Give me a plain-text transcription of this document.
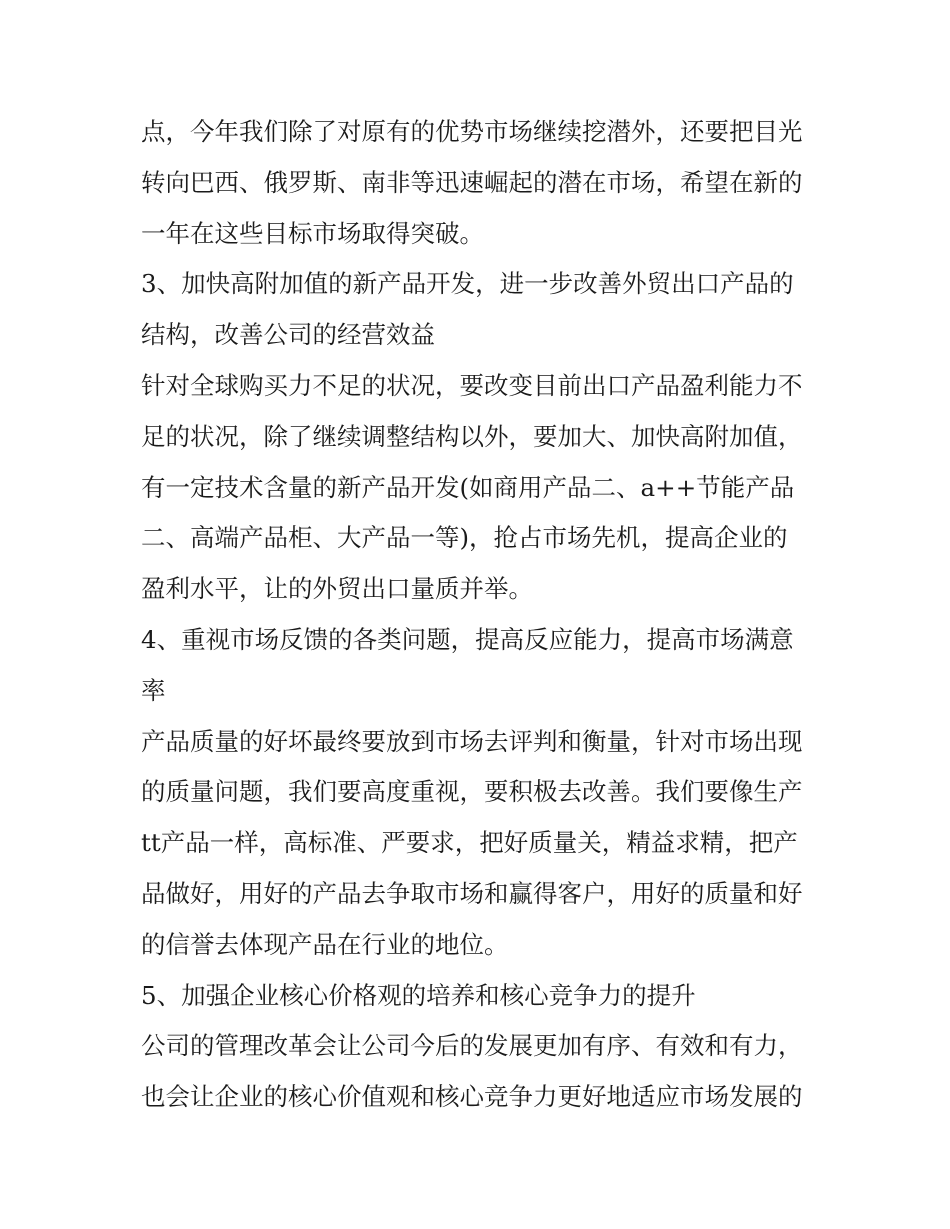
点，今年我们除了对原有的优势市场继续挖潜外，还要把目光
转向巴西、俄罗斯、南非等迅速崛起的潜在市场，希望在新的
一年在这些目标市场取得突破。
3、加快高附加值的新产品开发，进一步改善外贸出口产品的
结构，改善公司的经营效益
针对全球购买力不足的状况，要改变目前出口产品盈利能力不
足的状况，除了继续调整结构以外，要加大、加快高附加值，
有一定技术含量的新产品开发(如商用产品二、a++节能产品
二、高端产品柜、大产品一等)，抢占市场先机，提高企业的
盈利水平，让的外贸出口量质并举。
4、重视市场反馈的各类问题，提高反应能力，提高市场满意
率
产品质量的好坏最终要放到市场去评判和衡量，针对市场出现
的质量问题，我们要高度重视，要积极去改善。我们要像生产
tt产品一样，高标准、严要求，把好质量关，精益求精，把产
品做好，用好的产品去争取市场和赢得客户，用好的质量和好
的信誉去体现产品在行业的地位。
5、加强企业核心价格观的培养和核心竞争力的提升
公司的管理改革会让公司今后的发展更加有序、有效和有力，
也会让企业的核心价值观和核心竞争力更好地适应市场发展的
